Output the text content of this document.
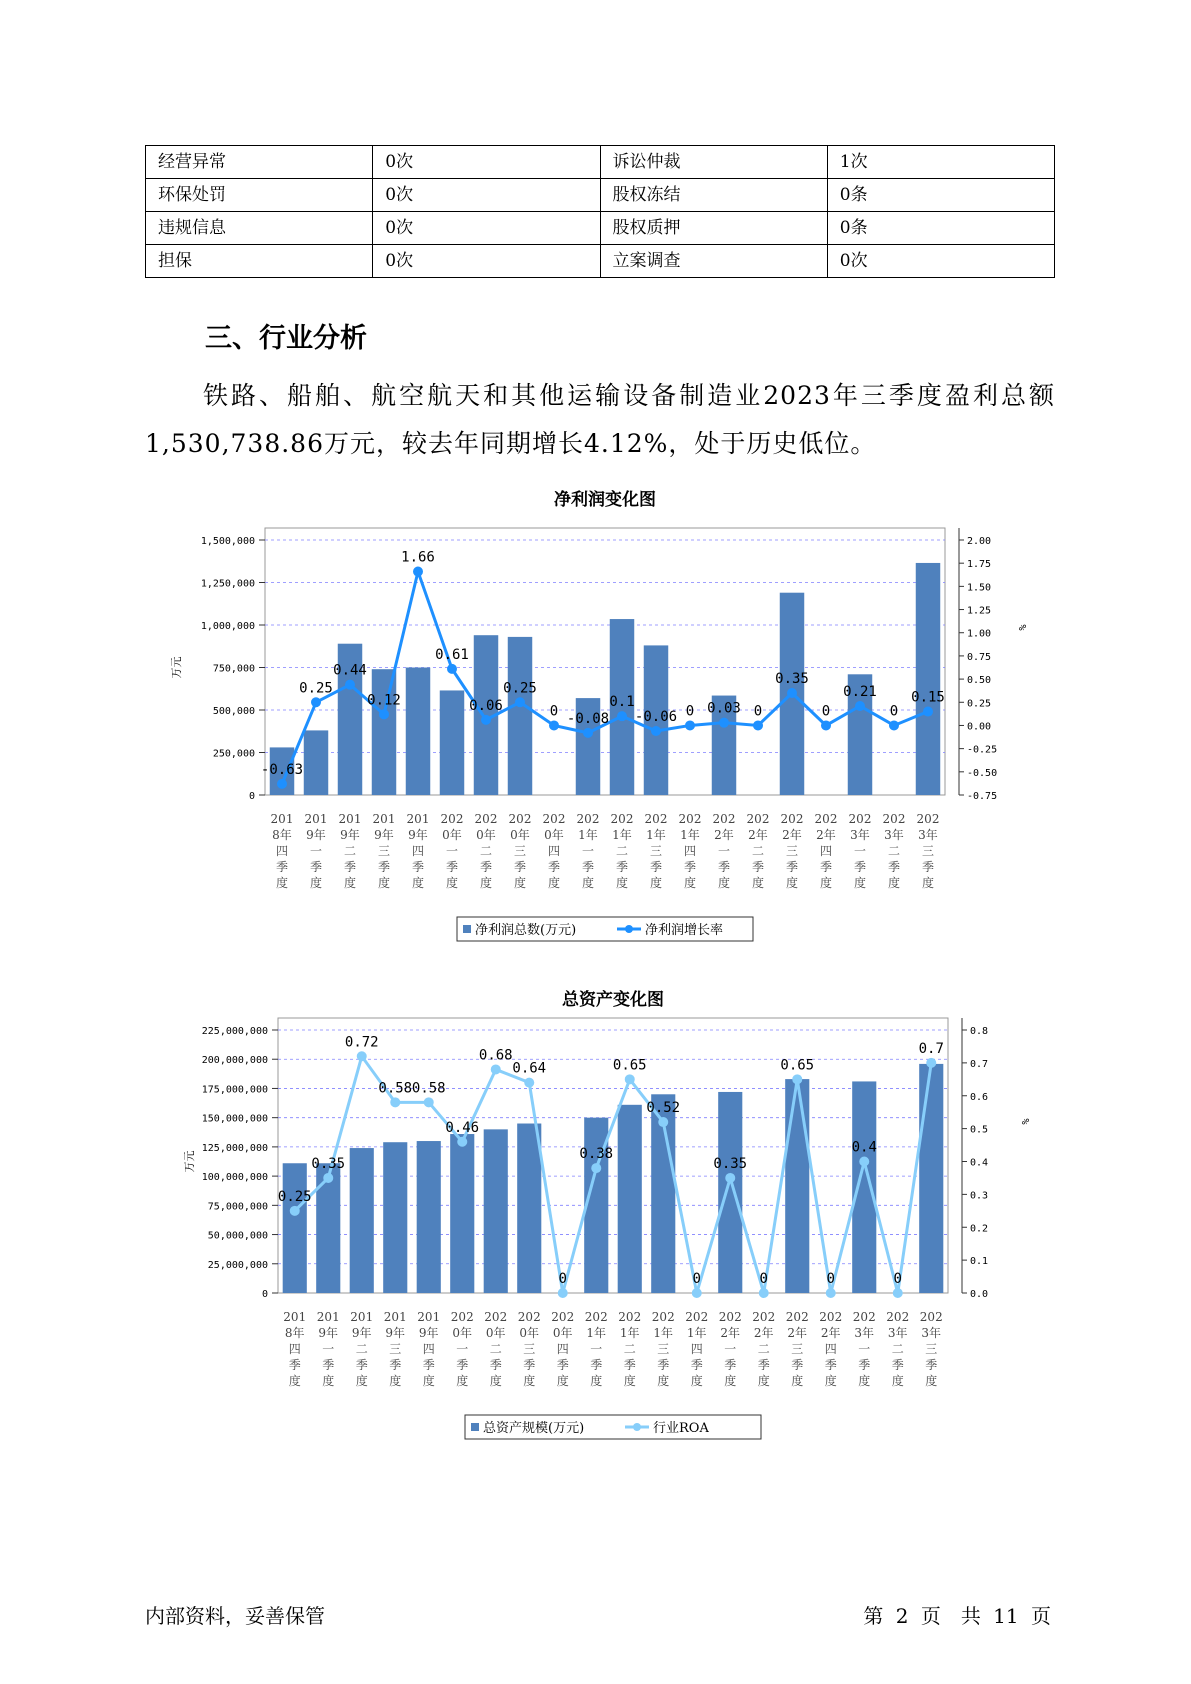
经营异常	0次	诉讼仲裁	1次
环保处罚	0次	股权冻结	0条
违规信息	0次	股权质押	0条
担保	0次	立案调查	0次
三、行业分析

铁路、船舶、航空航天和其他运输设备制造业2023年三季度盈利总额1,530,738.86万元，较去年同期增长4.12%，处于历史低位。

净利润变化图
0
250,000
500,000
750,000
1,000,000
1,250,000
1,500,000
万元
-0.75
-0.50
-0.25
0.00
0.25
0.50
0.75
1.00
1.25
1.50
1.75
2.00
%
-0.63
0.25
0.44
0.12
1.66
0.61
0.06
0.25
0 -0.08
0.1
-0.06 0 0.03 0
0.35
0
0.21
0
0.15
201
8年
四
季
度
201
9年
一
季
度
201
9年
二
季
度
201
9年
三
季
度
201
9年
四
季
度
202
0年
一
季
度
202
0年
二
季
度
202
0年
三
季
度
202
0年
四
季
度
202
1年
一
季
度
202
1年
二
季
度
202
1年
三
季
度
202
1年
四
季
度
202
2年
一
季
度
202
2年
二
季
度
202
2年
三
季
度
202
2年
四
季
度
202
3年
一
季
度
202
3年
二
季
度
202
3年
三
季
度
净利润总数(万元)	净利润增长率
总资产变化图
0
25,000,000
50,000,000
75,000,000
100,000,000
125,000,000
150,000,000
175,000,000
200,000,000
225,000,000
万元
0.0
0.1
0.2
0.3
0.4
0.5
0.6
0.7
0.8
%
0.25
0.35
0.72
0.58 0.58
0.46
0.68
0.64
0
0.38
0.65
0.52
0
0.35
0
0.65
0
0.4
0
0.7
201
8年
四
季
度
201
9年
一
季
度
201
9年
二
季
度
201
9年
三
季
度
201
9年
四
季
度
202
0年
一
季
度
202
0年
二
季
度
202
0年
三
季
度
202
0年
四
季
度
202
1年
一
季
度
202
1年
二
季
度
202
1年
三
季
度
202
1年
四
季
度
202
2年
一
季
度
202
2年
二
季
度
202
2年
三
季
度
202
2年
四
季
度
202
3年
一
季
度
202
3年
二
季
度
202
3年
三
季
度
总资产规模(万元)	行业ROA
内部资料，妥善保管	第 2 页　共 11 页
